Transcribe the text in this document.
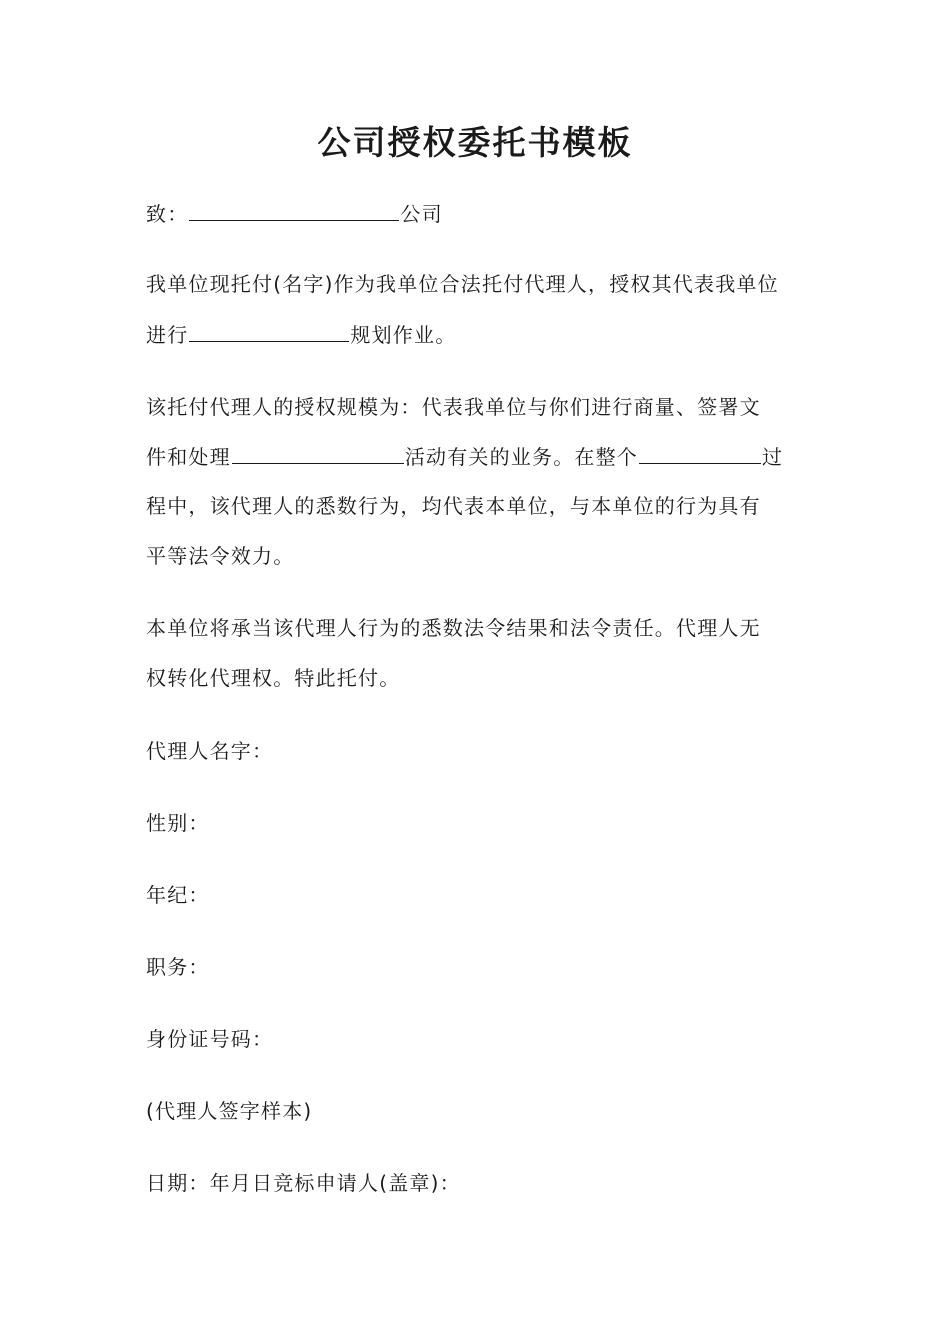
公司授权委托书模板
致：	公司
我单位现托付(名字)作为我单位合法托付代理人，授权其代表我单位
进行	规划作业。
该托付代理人的授权规模为：代表我单位与你们进行商量、签署文
件和处理	活动有关的业务。在整个	过
程中，该代理人的悉数行为，均代表本单位，与本单位的行为具有
平等法令效力。
本单位将承当该代理人行为的悉数法令结果和法令责任。代理人无
权转化代理权。特此托付。
代理人名字：
性别：
年纪：
职务：
身份证号码：
(代理人签字样本)
日期：年月日竞标申请人(盖章)：
